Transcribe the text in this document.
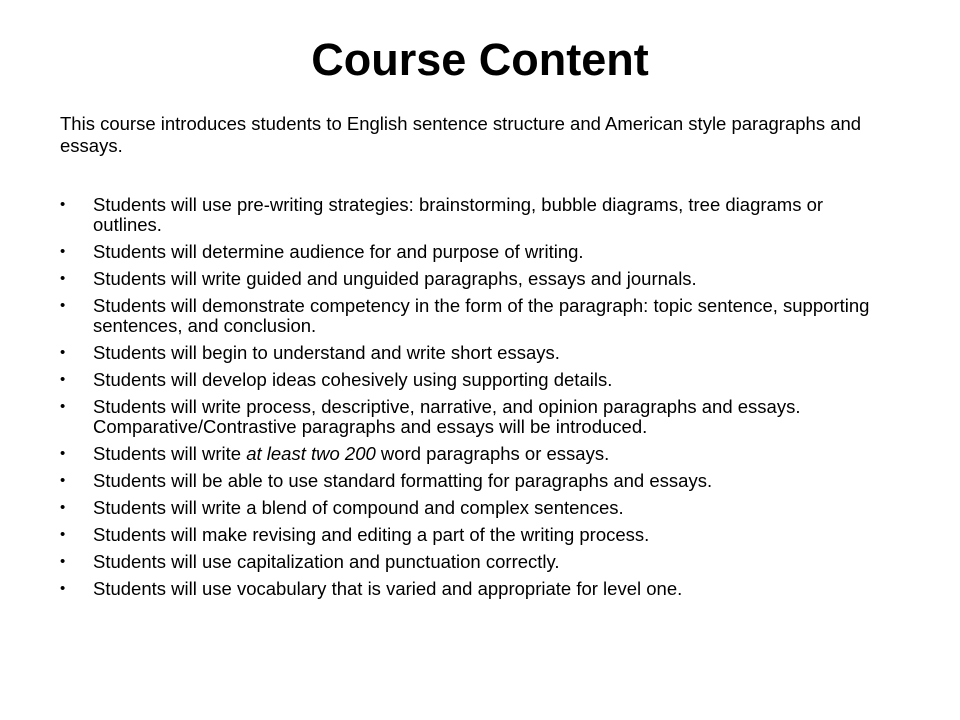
Course Content

This course introduces students to English sentence structure and American style paragraphs and essays.

•	Students will use pre-writing strategies: brainstorming, bubble diagrams, tree diagrams or outlines.
•	Students will determine audience for and purpose of writing.
•	Students will write guided and unguided paragraphs, essays and journals.
•	Students will demonstrate competency in the form of the paragraph: topic sentence, supporting sentences, and conclusion.
•	Students will begin to understand and write short essays.
•	Students will develop ideas cohesively using supporting details.
•	Students will write process, descriptive, narrative, and opinion paragraphs and essays. Comparative/Contrastive paragraphs and essays will be introduced.
•	Students will write at least two 200 word paragraphs or essays.
•	Students will be able to use standard formatting for paragraphs and essays.
•	Students will write a blend of compound and complex sentences.
•	Students will make revising and editing a part of the writing process.
•	Students will use capitalization and punctuation correctly.
•	Students will use vocabulary that is varied and appropriate for level one.
